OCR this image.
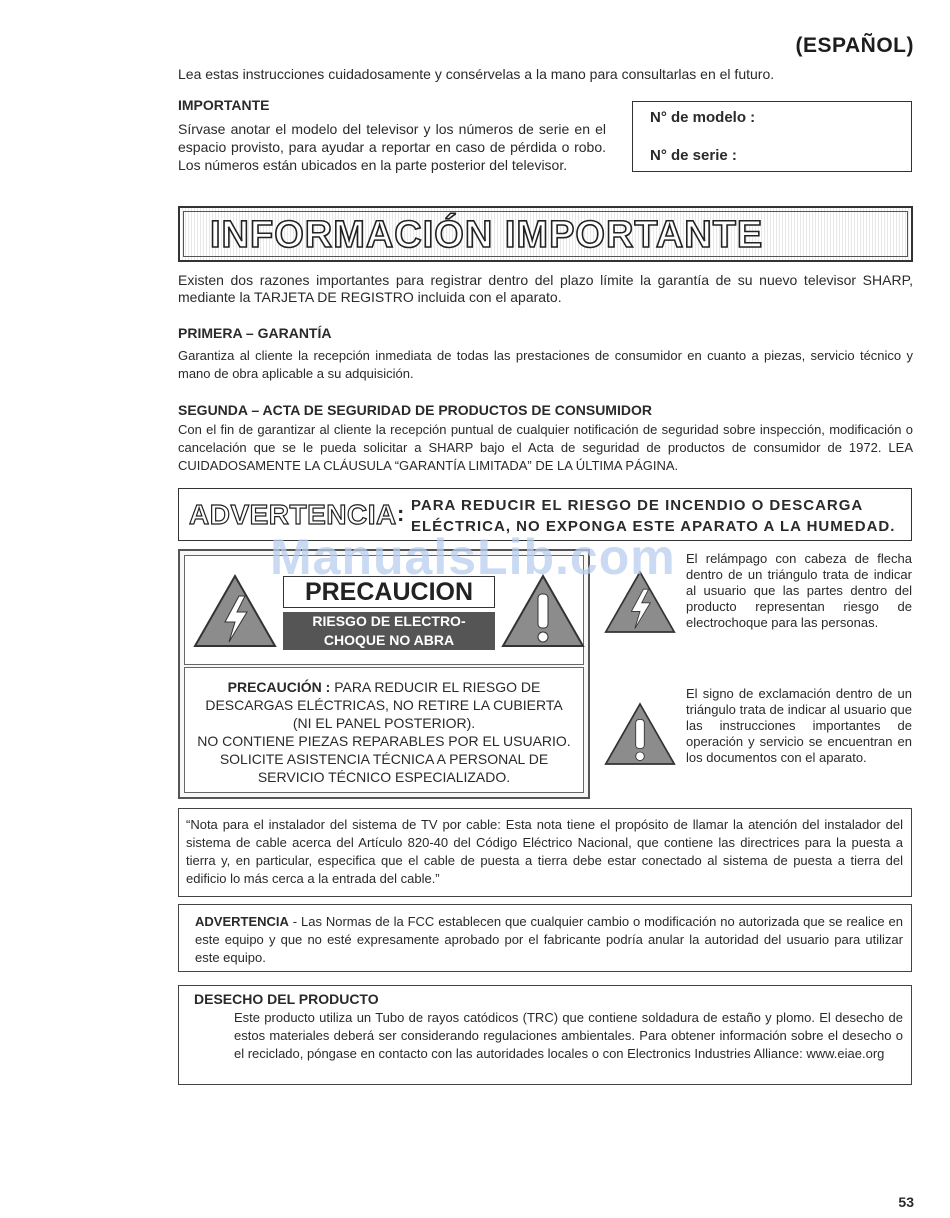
(ESPAÑOL)
Lea estas instrucciones cuidadosamente y consérvelas a la mano para consultarlas en el futuro.
IMPORTANTE
Sírvase anotar el modelo del televisor y los números de serie en el espacio provisto, para ayudar a reportar en caso de pérdida o robo. Los números están ubicados en la parte posterior del televisor.
N° de modelo :
N° de serie :
INFORMACIÓN IMPORTANTE
Existen dos razones importantes para registrar dentro del plazo límite la garantía de su nuevo televisor SHARP, mediante la TARJETA DE REGISTRO incluida con el aparato.
PRIMERA – GARANTÍA
Garantiza al cliente la recepción inmediata de todas las prestaciones de consumidor en cuanto a piezas, servicio técnico y mano de obra aplicable a su adquisición.
SEGUNDA – ACTA DE SEGURIDAD DE PRODUCTOS DE CONSUMIDOR
Con el fin de garantizar al cliente la recepción puntual de cualquier notificación de seguridad sobre inspección, modificación o cancelación que se le pueda solicitar a SHARP bajo el Acta de seguridad de productos de consumidor de 1972. LEA CUIDADOSAMENTE LA CLÁUSULA “GARANTÍA LIMITADA” DE LA ÚLTIMA PÁGINA.
ADVERTENCIA : PARA REDUCIR EL RIESGO DE INCENDIO O DESCARGA
ELÉCTRICA, NO EXPONGA ESTE APARATO A LA HUMEDAD.
PRECAUCION
RIESGO DE ELECTRO-
CHOQUE NO ABRA
PRECAUCIÓN : PARA REDUCIR EL RIESGO DE
DESCARGAS ELÉCTRICAS, NO RETIRE LA CUBIERTA
(NI EL PANEL POSTERIOR).
NO CONTIENE PIEZAS REPARABLES POR EL USUARIO.
SOLICITE ASISTENCIA TÉCNICA A PERSONAL DE
SERVICIO TÉCNICO ESPECIALIZADO.
El relámpago con cabeza de flecha dentro de un triángulo trata de indicar al usuario que las partes dentro del producto representan riesgo de electrochoque para las personas.
El signo de exclamación dentro de un triángulo trata de indicar al usuario que las instrucciones importantes de operación y servicio se encuentran en los documentos con el aparato.
“Nota para el instalador del sistema de TV por cable: Esta nota tiene el propósito de llamar la atención del instalador del sistema de cable acerca del Artículo 820-40 del Código Eléctrico Nacional, que contiene las directrices para la puesta a tierra y, en particular, especifica que el cable de puesta a tierra debe estar conectado al sistema de puesta a tierra del edificio lo más cerca a la entrada del cable.”
ADVERTENCIA - Las Normas de la FCC establecen que cualquier cambio o modificación no autorizada que se realice en este equipo y que no esté expresamente aprobado por el fabricante podría anular la autoridad del usuario para utilizar este equipo.
DESECHO DEL PRODUCTO
Este producto utiliza un Tubo de rayos catódicos (TRC) que contiene soldadura de estaño y plomo. El desecho de estos materiales deberá ser considerando regulaciones ambientales. Para obtener información sobre el desecho o el reciclado, póngase en contacto con las autoridades locales o con Electronics Industries Alliance: www.eiae.org
53
ManualsLib.com
